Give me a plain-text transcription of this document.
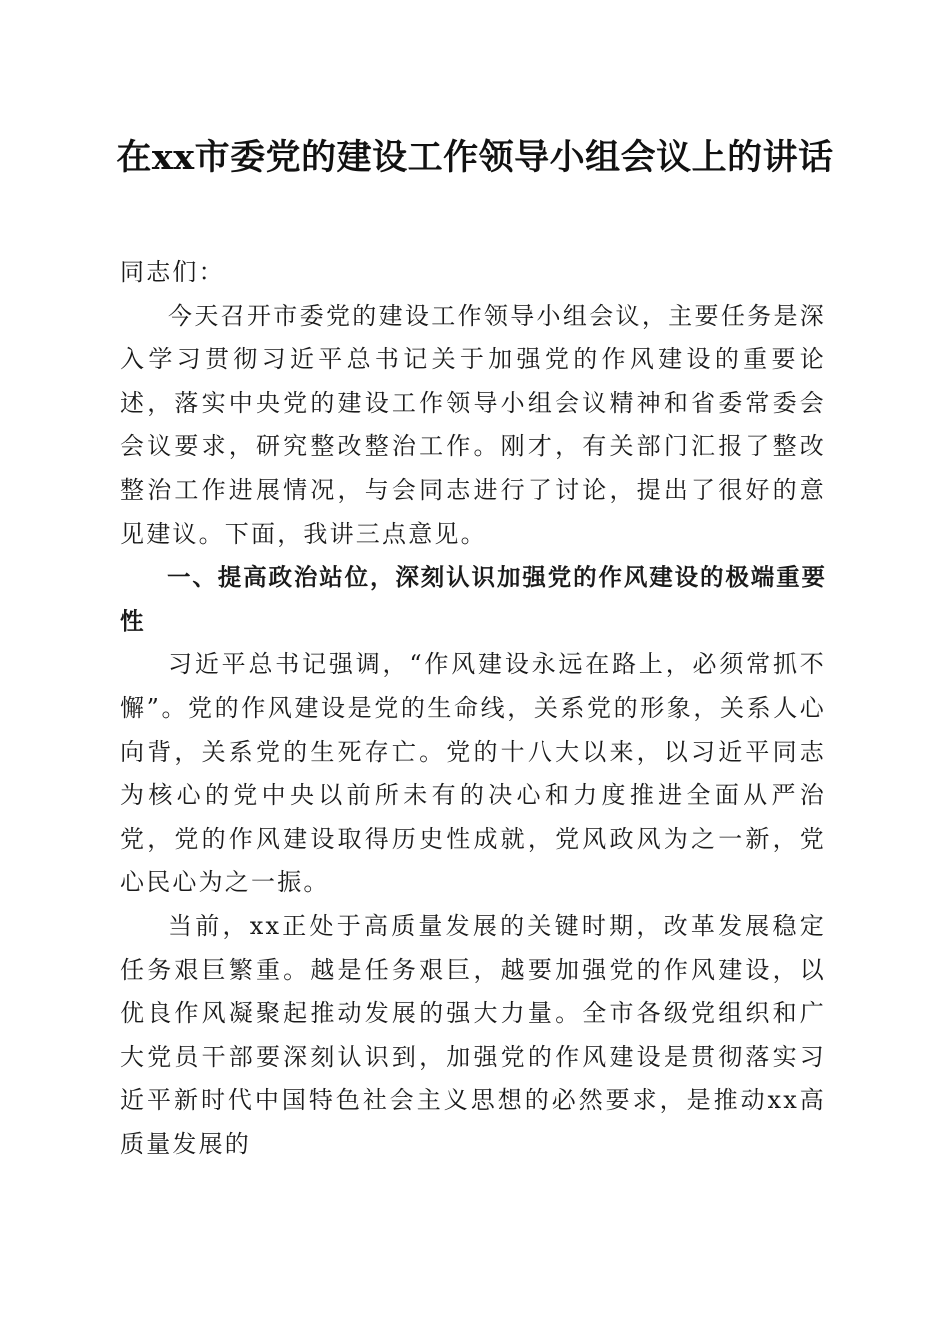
在xx市委党的建设工作领导小组会议上的讲话

同志们：

今天召开市委党的建设工作领导小组会议，主要任务是深入学习贯彻习近平总书记关于加强党的作风建设的重要论述，落实中央党的建设工作领导小组会议精神和省委常委会会议要求，研究整改整治工作。刚才，有关部门汇报了整改整治工作进展情况，与会同志进行了讨论，提出了很好的意见建议。下面，我讲三点意见。

一、提高政治站位，深刻认识加强党的作风建设的极端重要性

习近平总书记强调，“作风建设永远在路上，必须常抓不懈”。党的作风建设是党的生命线，关系党的形象，关系人心向背，关系党的生死存亡。党的十八大以来，以习近平同志为核心的党中央以前所未有的决心和力度推进全面从严治党，党的作风建设取得历史性成就，党风政风为之一新，党心民心为之一振。

当前，xx正处于高质量发展的关键时期，改革发展稳定任务艰巨繁重。越是任务艰巨，越要加强党的作风建设，以优良作风凝聚起推动发展的强大力量。全市各级党组织和广大党员干部要深刻认识到，加强党的作风建设是贯彻落实习近平新时代中国特色社会主义思想的必然要求，是推动xx高质量发展的
